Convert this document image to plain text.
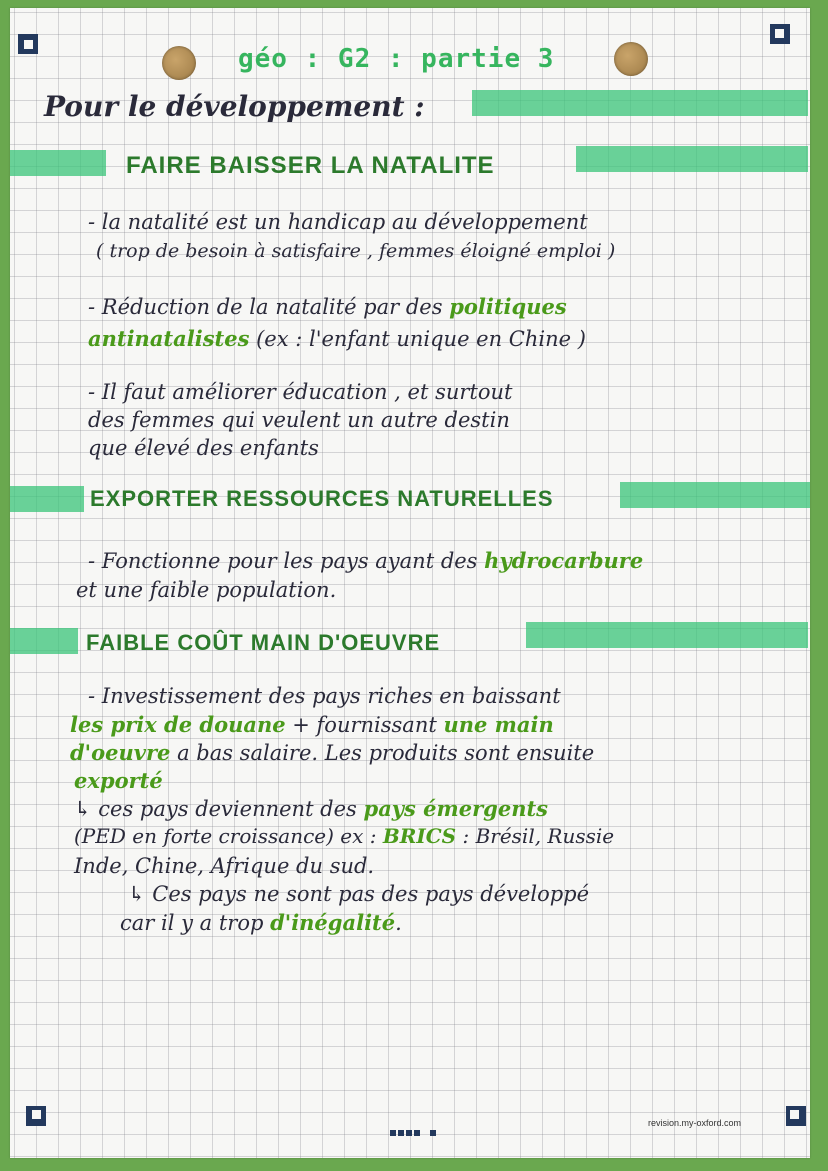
géo : G2 : partie 3
Pour le développement :
FAIRE BAISSER LA NATALITE
- la natalité est un handicap au développement
( trop de besoin à satisfaire , femmes éloigné emploi )
- Réduction de la natalité par des politiques
antinatalistes (ex : l'enfant unique en Chine )
- Il faut améliorer éducation , et surtout
des femmes qui veulent un autre destin
que élevé des enfants
EXPORTER RESSOURCES NATURELLES
- Fonctionne pour les pays ayant des hydrocarbure
et une faible population.
FAIBLE COÛT MAIN D'OEUVRE
- Investissement des pays riches en baissant
les prix de douane + fournissant une main
d'oeuvre a bas salaire. Les produits sont ensuite
exporté
↳ ces pays deviennent des pays émergents
(PED en forte croissance) ex : BRICS : Brésil, Russie
Inde, Chine, Afrique du sud.
↳ Ces pays ne sont pas des pays développé
car il y a trop d'inégalité.
revision.my-oxford.com
